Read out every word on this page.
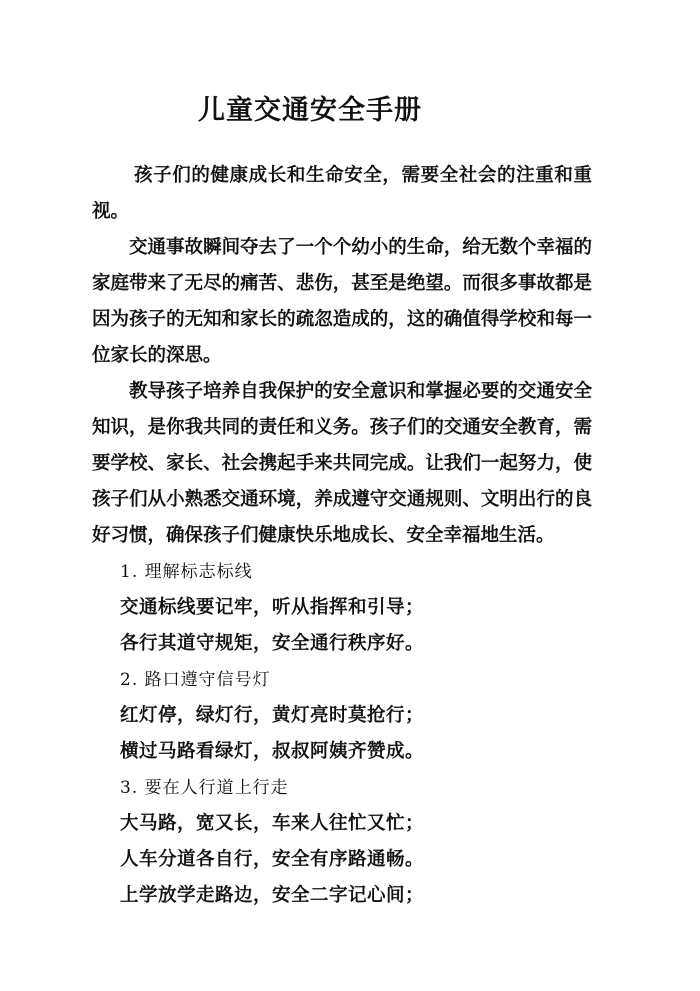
儿童交通安全手册

孩子们的健康成长和生命安全，需要全社会的注重和重视。

交通事故瞬间夺去了一个个幼小的生命，给无数个幸福的家庭带来了无尽的痛苦、悲伤，甚至是绝望。而很多事故都是因为孩子的无知和家长的疏忽造成的，这的确值得学校和每一位家长的深思。

教导孩子培养自我保护的安全意识和掌握必要的交通安全知识，是你我共同的责任和义务。孩子们的交通安全教育，需要学校、家长、社会携起手来共同完成。让我们一起努力，使孩子们从小熟悉交通环境，养成遵守交通规则、文明出行的良好习惯，确保孩子们健康快乐地成长、安全幸福地生活。

1. 理解标志标线

交通标线要记牢，听从指挥和引导；

各行其道守规矩，安全通行秩序好。

2. 路口遵守信号灯

红灯停，绿灯行，黄灯亮时莫抢行；

横过马路看绿灯，叔叔阿姨齐赞成。

3. 要在人行道上行走

大马路，宽又长，车来人往忙又忙；

人车分道各自行，安全有序路通畅。

上学放学走路边，安全二字记心间；
